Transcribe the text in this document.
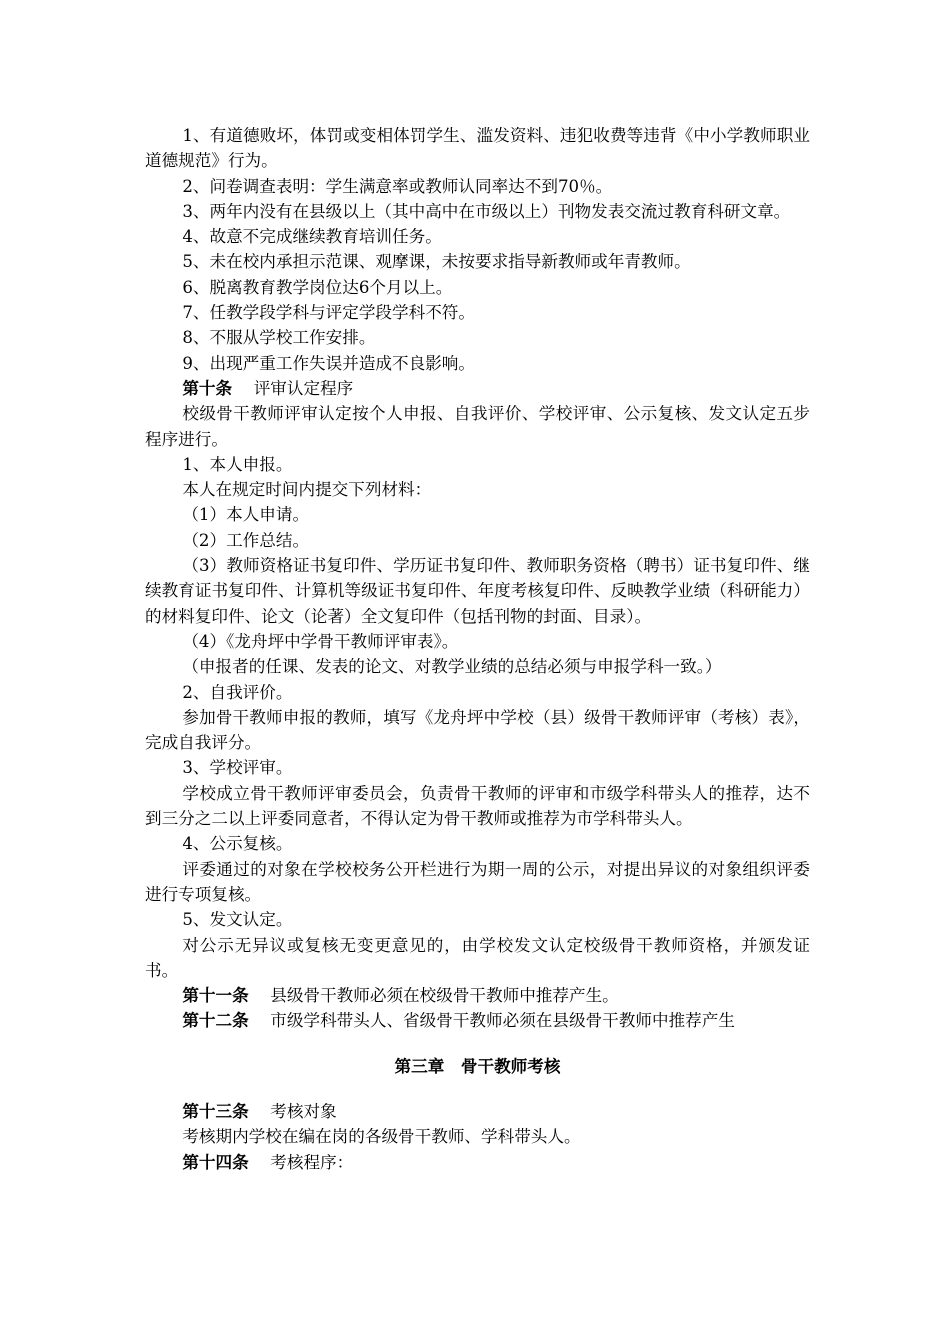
1、有道德败坏，体罚或变相体罚学生、滥发资料、违犯收费等违背《中小学教师职业道德规范》行为。

2、问卷调查表明：学生满意率或教师认同率达不到70％。

3、两年内没有在县级以上（其中高中在市级以上）刊物发表交流过教育科研文章。

4、故意不完成继续教育培训任务。

5、未在校内承担示范课、观摩课，未按要求指导新教师或年青教师。

6、脱离教育教学岗位达6个月以上。

7、任教学段学科与评定学段学科不符。

8、不服从学校工作安排。

9、出现严重工作失误并造成不良影响。

第十条 评审认定程序

校级骨干教师评审认定按个人申报、自我评价、学校评审、公示复核、发文认定五步程序进行。

1、本人申报。

本人在规定时间内提交下列材料：

（1）本人申请。

（2）工作总结。

（3）教师资格证书复印件、学历证书复印件、教师职务资格（聘书）证书复印件、继续教育证书复印件、计算机等级证书复印件、年度考核复印件、反映教学业绩（科研能力）的材料复印件、论文（论著）全文复印件（包括刊物的封面、目录）。

（4）《龙舟坪中学骨干教师评审表》。

（申报者的任课、发表的论文、对教学业绩的总结必须与申报学科一致。）

2、自我评价。

参加骨干教师申报的教师，填写《龙舟坪中学校（县）级骨干教师评审（考核）表》，完成自我评分。

3、学校评审。

学校成立骨干教师评审委员会，负责骨干教师的评审和市级学科带头人的推荐，达不到三分之二以上评委同意者，不得认定为骨干教师或推荐为市学科带头人。

4、公示复核。

评委通过的对象在学校校务公开栏进行为期一周的公示，对提出异议的对象组织评委进行专项复核。

5、发文认定。

对公示无异议或复核无变更意见的，由学校发文认定校级骨干教师资格，并颁发证书。

第十一条 县级骨干教师必须在校级骨干教师中推荐产生。

第十二条 市级学科带头人、省级骨干教师必须在县级骨干教师中推荐产生

第三章 骨干教师考核

第十三条 考核对象

考核期内学校在编在岗的各级骨干教师、学科带头人。

第十四条 考核程序：
